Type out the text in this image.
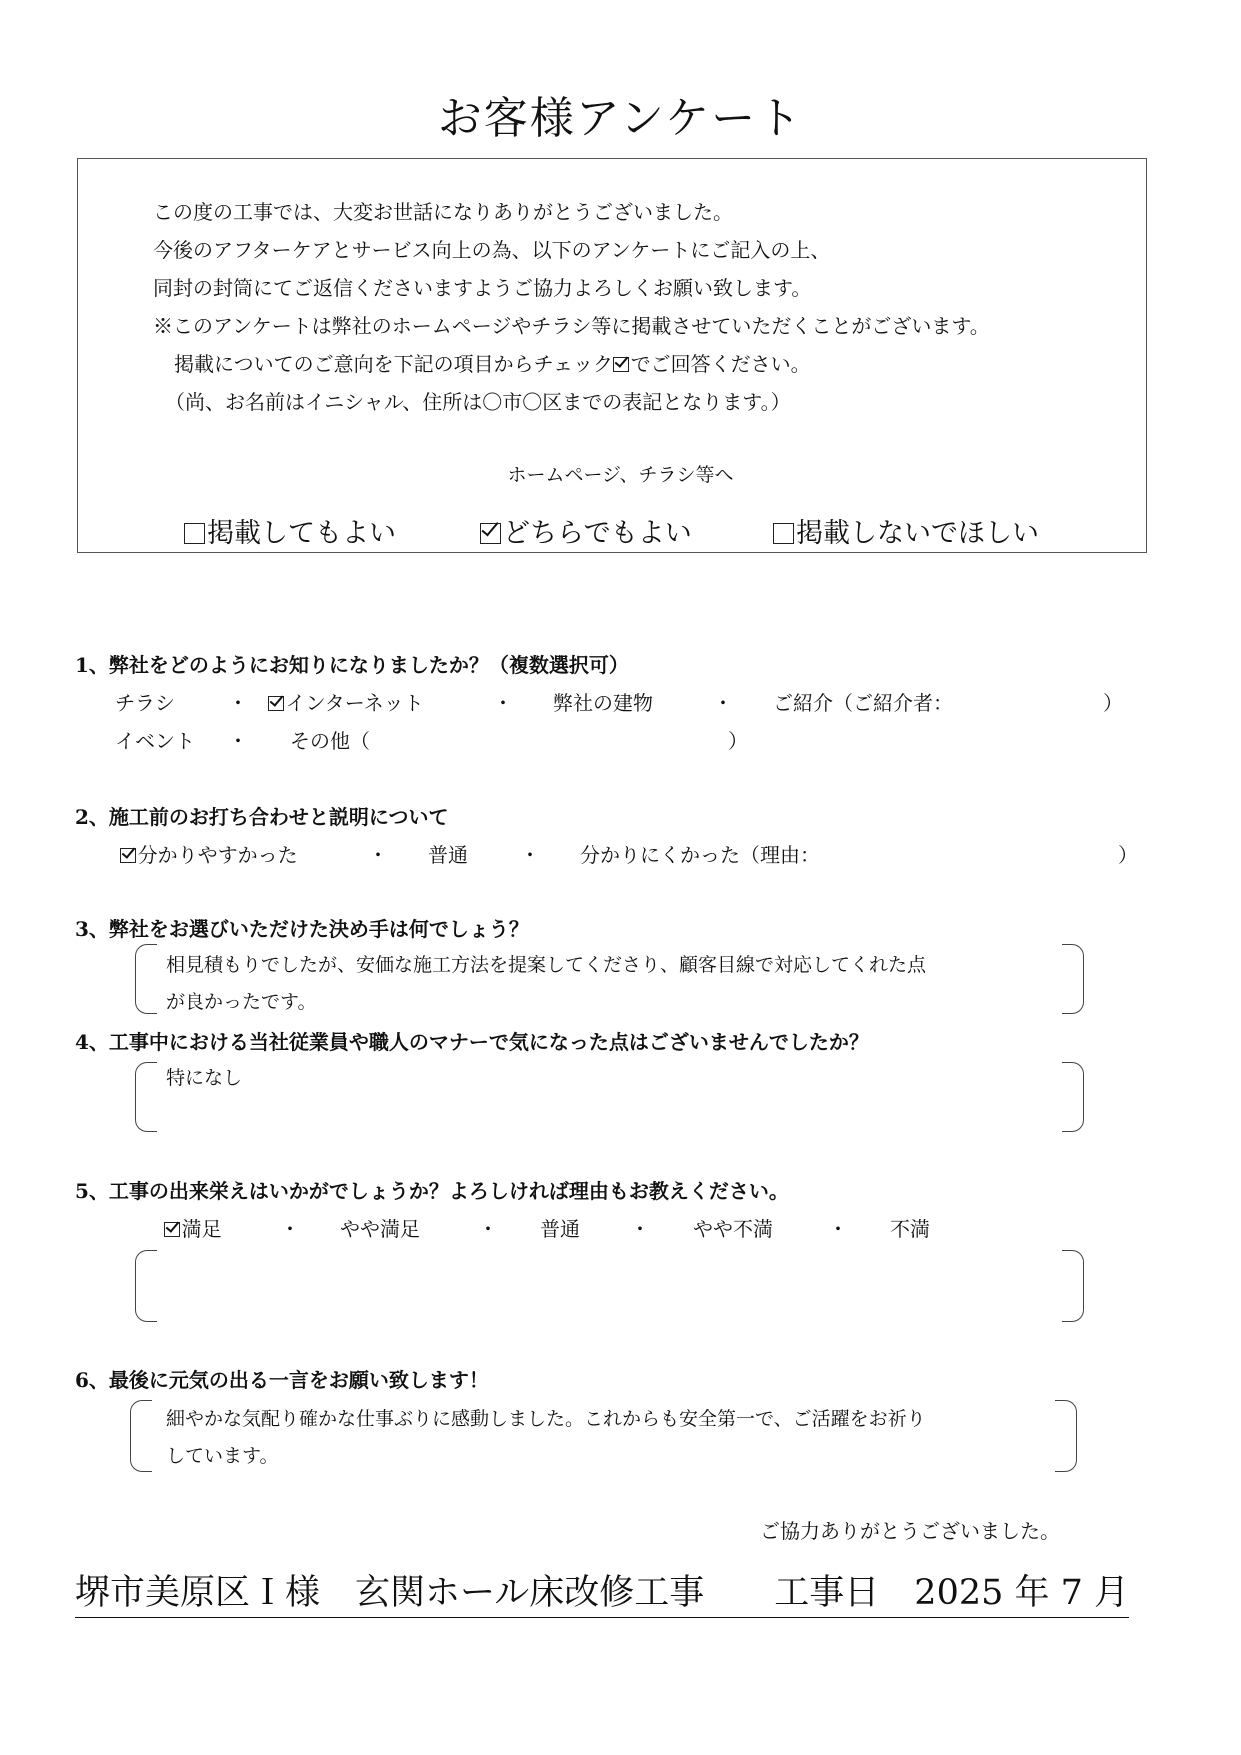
お客様アンケート
この度の工事では、大変お世話になりありがとうございました。
今後のアフターケアとサービス向上の為、以下のアンケートにご記入の上、
同封の封筒にてご返信くださいますようご協力よろしくお願い致します。
※このアンケートは弊社のホームページやチラシ等に掲載させていただくことがございます。
掲載についてのご意向を下記の項目からチェック でご回答ください。
（尚、お名前はイニシャル、住所は〇市〇区までの表記となります。）
ホームページ、チラシ等へ
掲載してもよい	どちらでもよい	掲載しないでほしい
1、弊社をどのようにお知りになりましたか？（複数選択可）
チラシ	・	インターネット	・ 弊社の建物	・ ご紹介（ご紹介者：	）
イベント ・ その他（	）
2、施工前のお打ち合わせと説明について
分かりやすかった	・ 普通	・ 分かりにくかった（理由：	）
3、弊社をお選びいただけた決め手は何でしょう？
相見積もりでしたが、安価な施工方法を提案してくださり、顧客目線で対応してくれた点
が良かったです。
4、工事中における当社従業員や職人のマナーで気になった点はございませんでしたか？
特になし
5、工事の出来栄えはいかがでしょうか？よろしければ理由もお教えください。
満足	・ やや満足	・ 普通	・ やや不満	・ 不満
6、最後に元気の出る一言をお願い致します！
細やかな気配り確かな仕事ぶりに感動しました。これからも安全第一で、ご活躍をお祈り
しています。
ご協力ありがとうございました。
堺市美原区Ｉ様　玄関ホール床改修工事　　工事日　2025 年 7 月
